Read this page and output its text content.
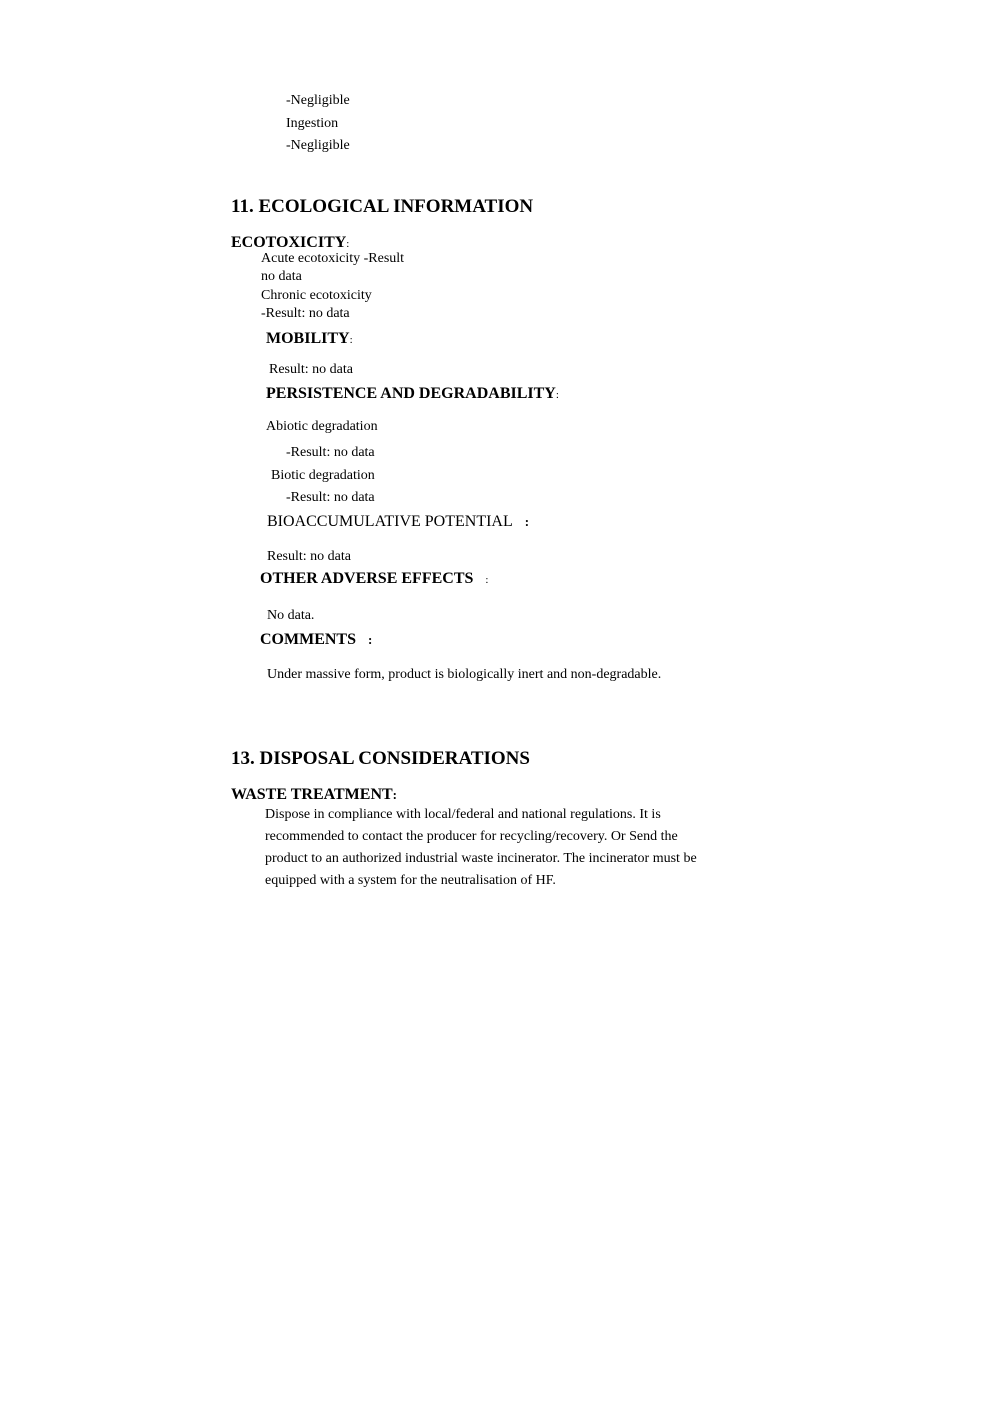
-Negligible
Ingestion
-Negligible
11. ECOLOGICAL INFORMATION
ECOTOXICITY:
Acute ecotoxicity -Result
no data
Chronic ecotoxicity
-Result: no data
MOBILITY:
Result: no data
PERSISTENCE AND DEGRADABILITY:
Abiotic degradation
-Result: no data
Biotic degradation
-Result: no data
BIOACCUMULATIVE POTENTIAL :
Result: no data
OTHER ADVERSE EFFECTS :
No data.
COMMENTS :
Under massive form, product is biologically inert and non-degradable.
13. DISPOSAL CONSIDERATIONS
WASTE TREATMENT:
Dispose in compliance with local/federal and national regulations. It is recommended to contact the producer for recycling/recovery. Or Send the product to an authorized industrial waste incinerator. The incinerator must be equipped with a system for the neutralisation of HF.
